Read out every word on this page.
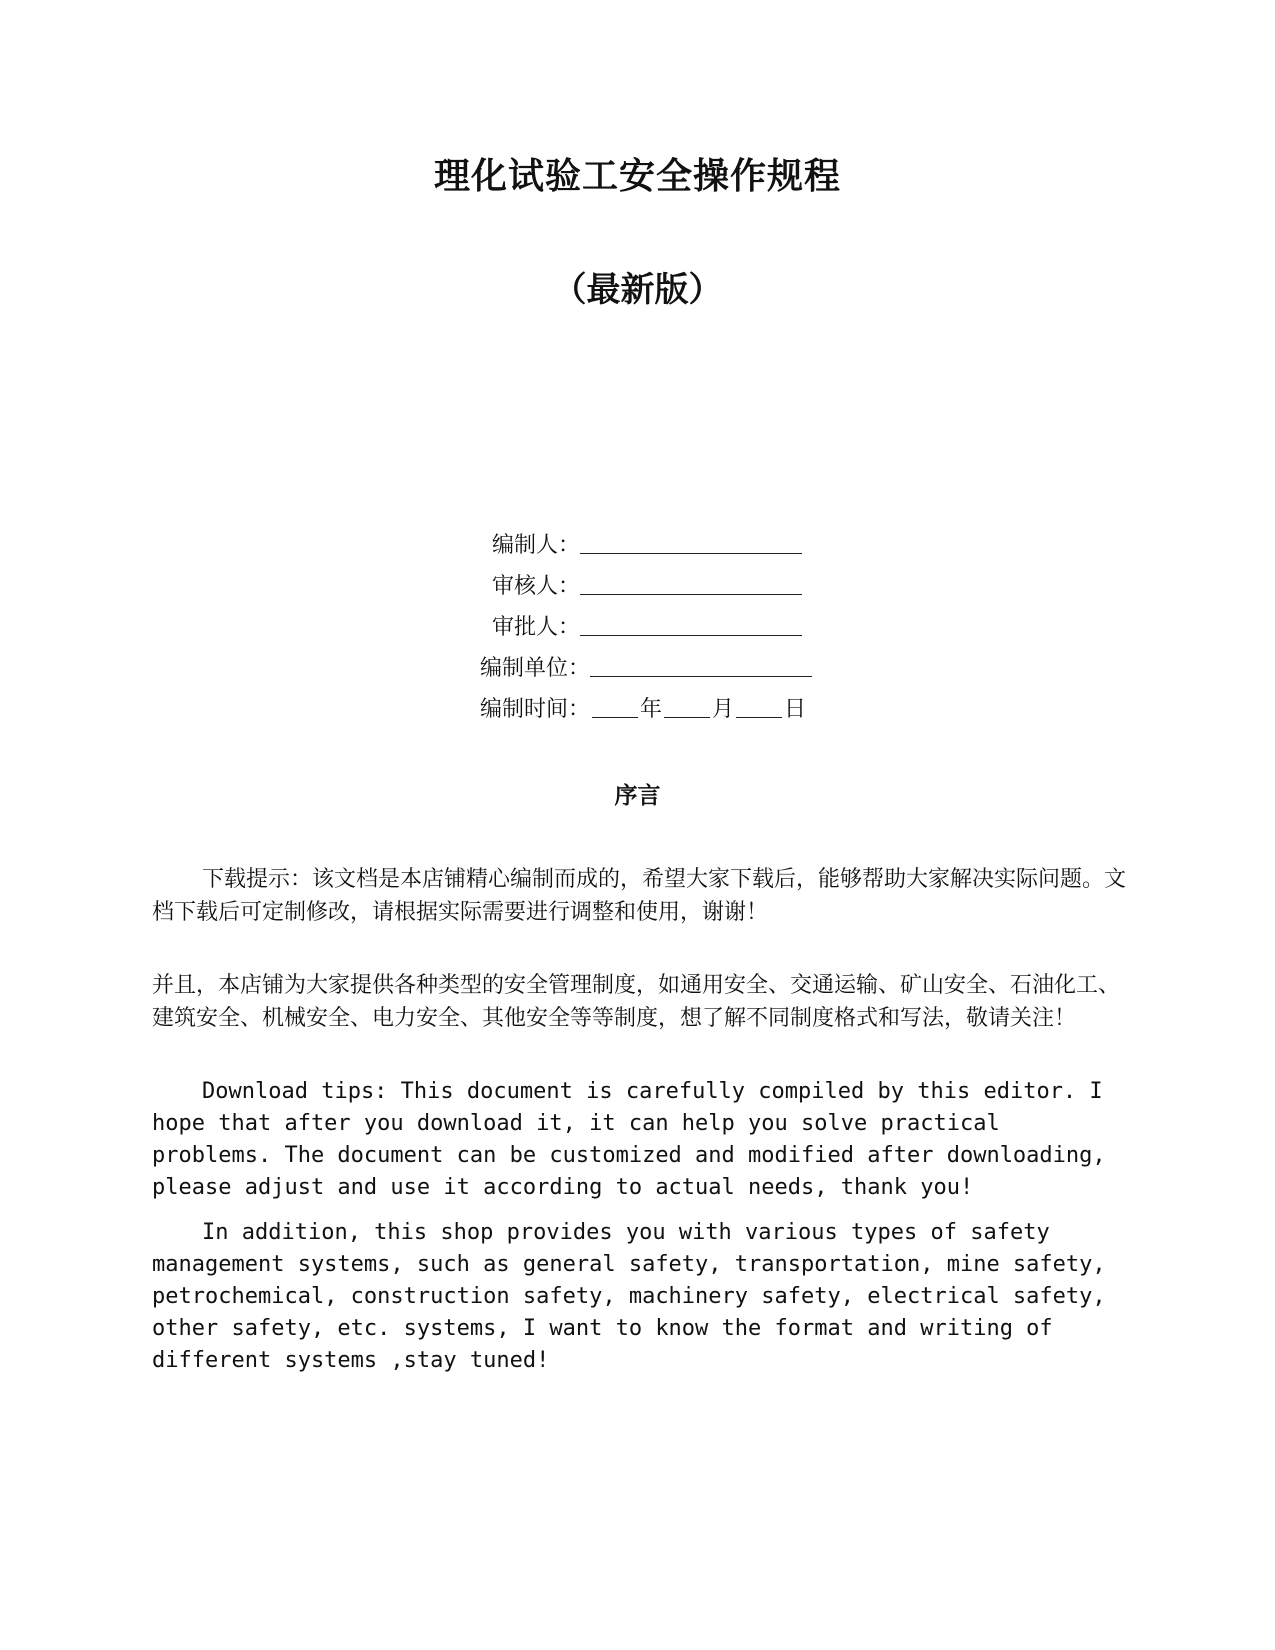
理化试验工安全操作规程
（最新版）
编制人：
审核人：
审批人：
编制单位：
编制时间： 年 月 日
序言
下载提示：该文档是本店铺精心编制而成的，希望大家下载后，能够帮助大家解决实际问题。文档下载后可定制修改，请根据实际需要进行调整和使用，谢谢！
并且，本店铺为大家提供各种类型的安全管理制度，如通用安全、交通运输、矿山安全、石油化工、建筑安全、机械安全、电力安全、其他安全等等制度，想了解不同制度格式和写法，敬请关注！
Download tips: This document is carefully compiled by this editor. I hope that after you download it, it can help you solve practical problems. The document can be customized and modified after downloading, please adjust and use it according to actual needs, thank you!
In addition, this shop provides you with various types of safety management systems, such as general safety, transportation, mine safety, petrochemical, construction safety, machinery safety, electrical safety, other safety, etc. systems, I want to know the format and writing of different systems ,stay tuned!
